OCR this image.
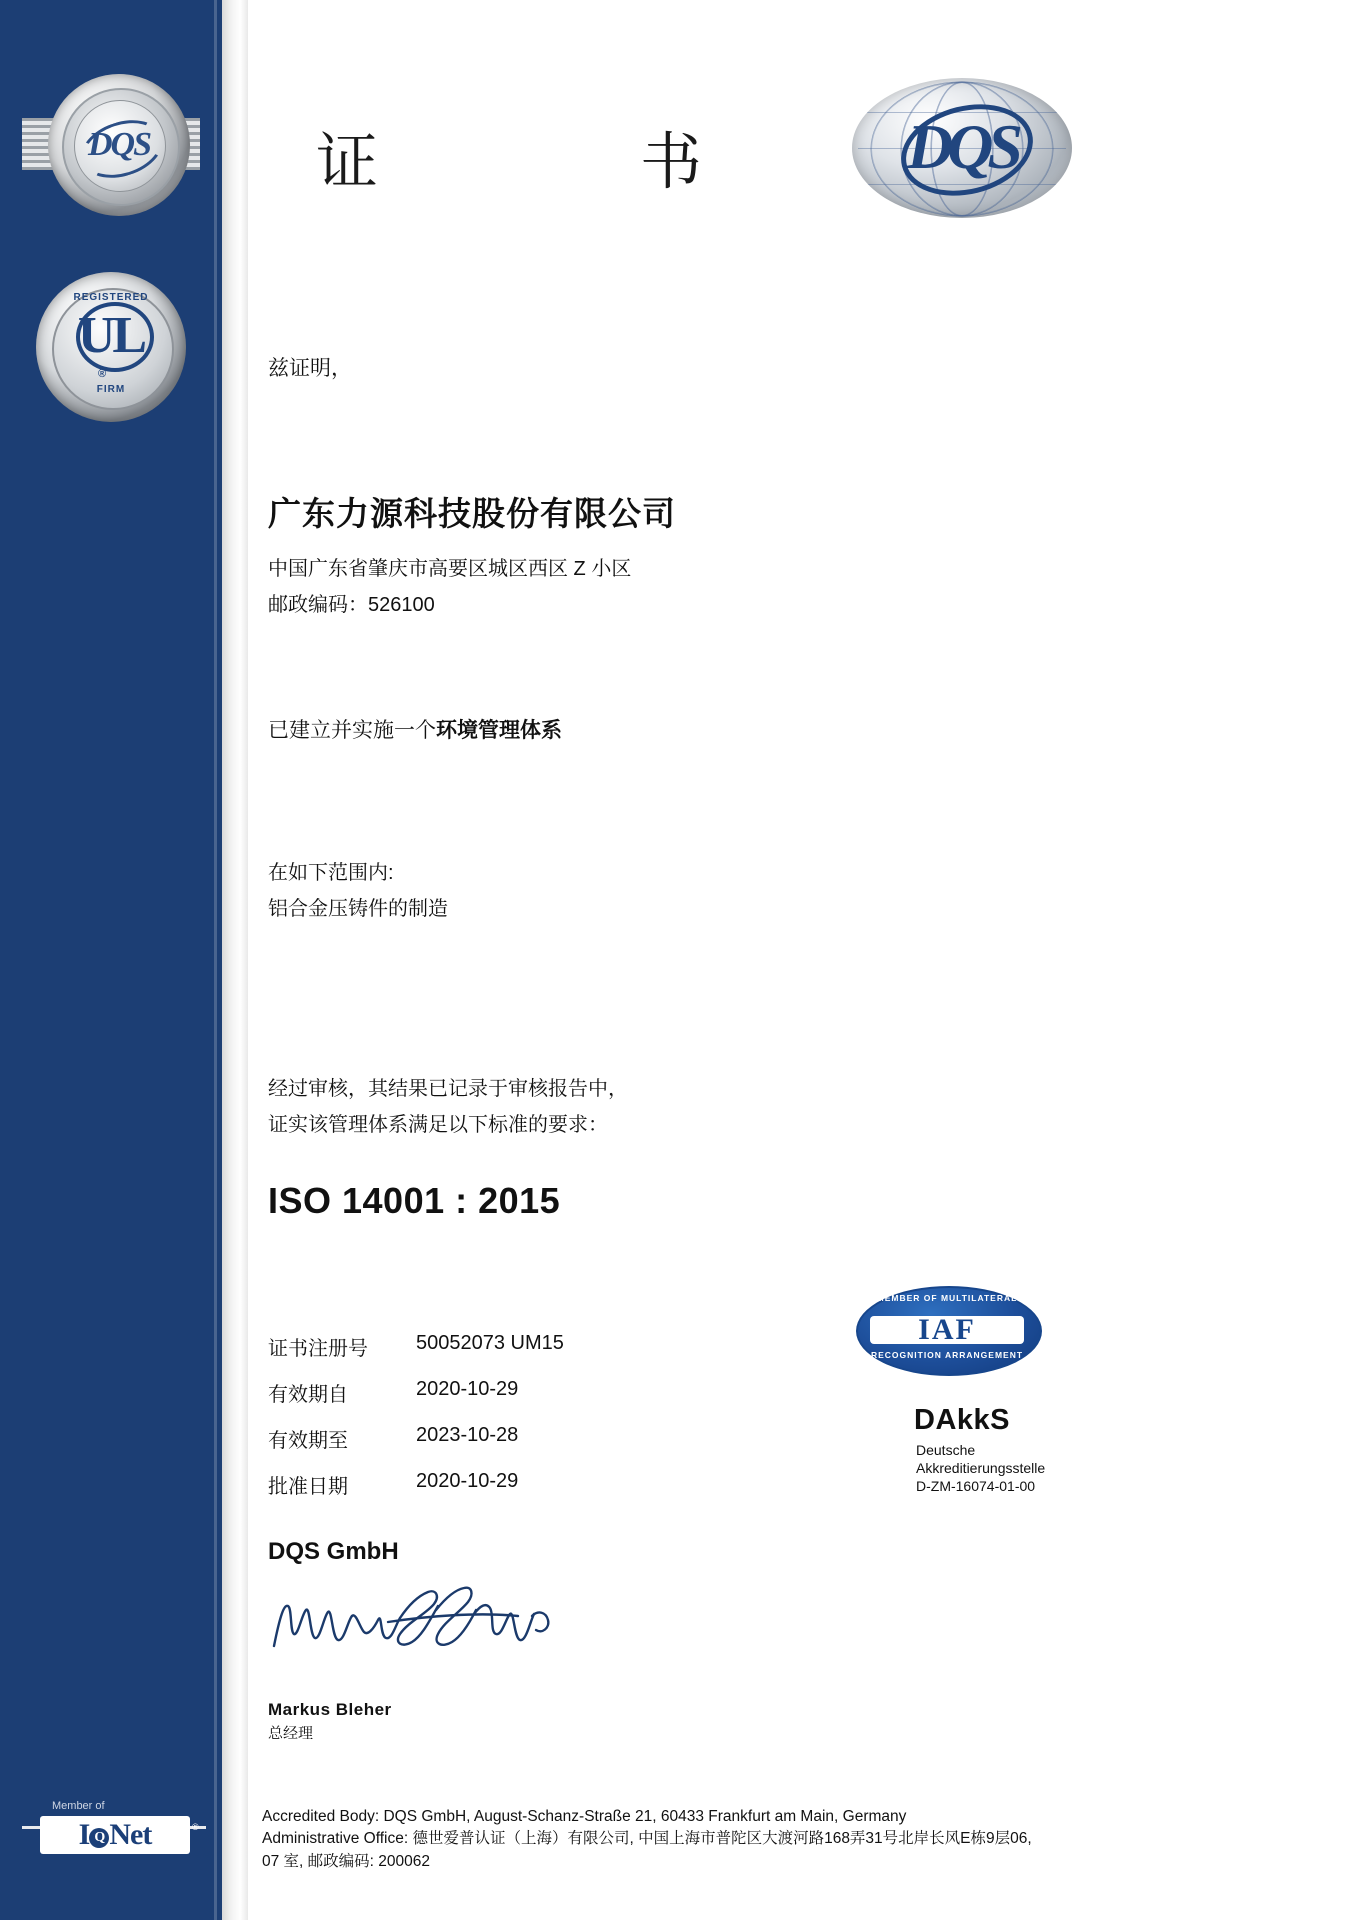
DQS
REGISTERED
UL
®
FIRM
Member of
I Q Net	®
THE INTERNATIONAL CERTIFICATION NETWORK
证　　书	DQS
兹证明，
广东力源科技股份有限公司
中国广东省肇庆市高要区城区西区 Z 小区
邮政编码：526100
已建立并实施一个环境管理体系
在如下范围内:
铝合金压铸件的制造
经过审核，其结果已记录于审核报告中，
证实该管理体系满足以下标准的要求：
ISO 14001 : 2015
证书注册号	50052073 UM15
有效期自	2020-10-29
有效期至	2023-10-28
批准日期	2020-10-29
MEMBER OF MULTILATERAL
IAF
RECOGNITION ARRANGEMENT
DAkkS
Deutsche
Akkreditierungsstelle
D-ZM-16074-01-00
DQS GmbH
Markus Bleher
总经理
Accredited Body: DQS GmbH, August-Schanz-Straße 21, 60433 Frankfurt am Main, Germany
Administrative Office: 德世爱普认证（上海）有限公司, 中国上海市普陀区大渡河路168弄31号北岸长风E栋9层06,
07 室, 邮政编码: 200062
